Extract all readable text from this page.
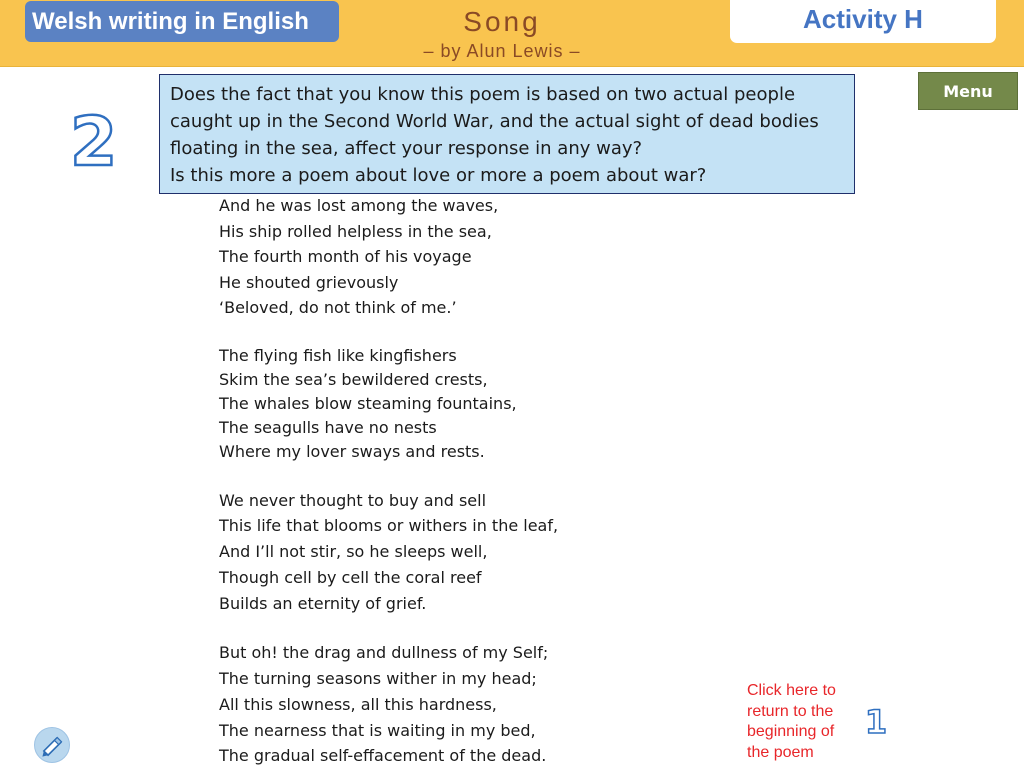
Welsh writing in English	Song
– by Alun Lewis –
Activity H
Does the fact that you know this poem is based on two actual people
caught up in the Second World War, and the actual sight of dead bodies
floating in the sea, affect your response in any way?
Is this more a poem about love or more a poem about war?
2
Menu
And he was lost among the waves,
His ship rolled helpless in the sea,
The fourth month of his voyage
He shouted grievously
‘Beloved, do not think of me.’
The flying fish like kingfishers
Skim the sea’s bewildered crests,
The whales blow steaming fountains,
The seagulls have no nests
Where my lover sways and rests.
We never thought to buy and sell
This life that blooms or withers in the leaf,
And I’ll not stir, so he sleeps well,
Though cell by cell the coral reef
Builds an eternity of grief.
But oh! the drag and dullness of my Self;
The turning seasons wither in my head;
All this slowness, all this hardness,
The nearness that is waiting in my bed,
The gradual self-effacement of the dead.
Click here to
return to the
beginning of
the poem
1
